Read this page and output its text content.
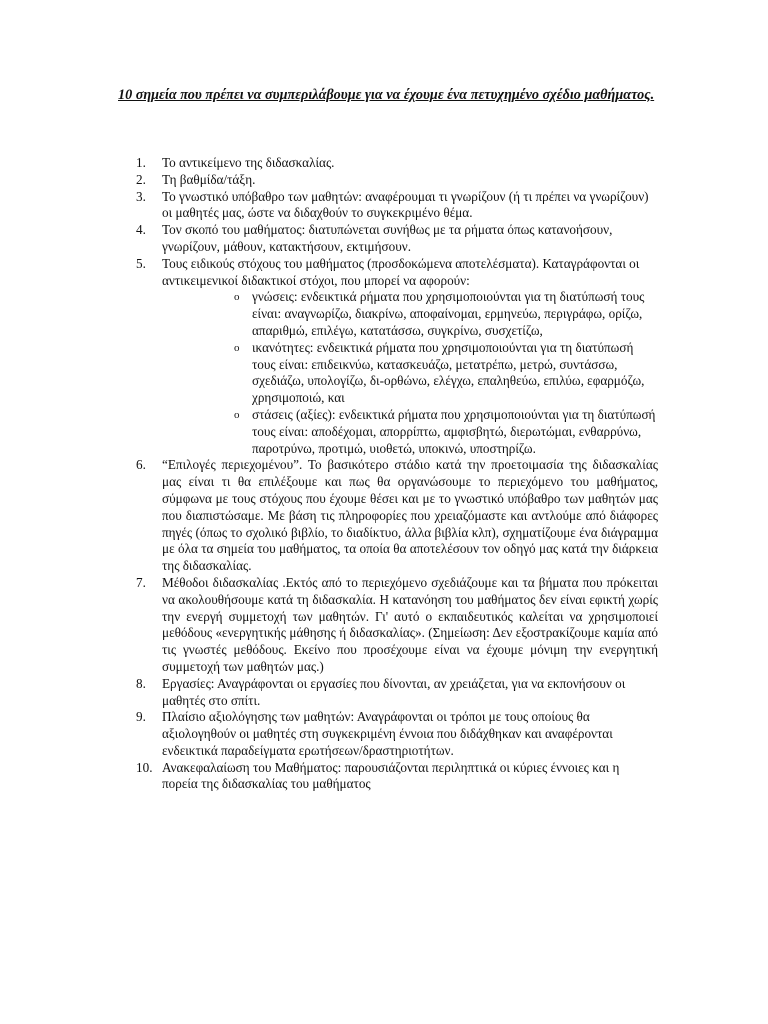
10 σημεία που πρέπει να συμπεριλάβουμε για να έχουμε ένα πετυχημένο σχέδιο μαθήματος.

1. Το αντικείμενο της διδασκαλίας.
2. Τη βαθμίδα/τάξη.
3. Το γνωστικό υπόβαθρο των μαθητών: αναφέρουμαι τι γνωρίζουν (ή τι πρέπει να γνωρίζουν) οι μαθητές μας, ώστε να διδαχθούν το συγκεκριμένο θέμα.
4. Τον σκοπό του μαθήματος: διατυπώνεται συνήθως με τα ρήματα όπως κατανοήσουν, γνωρίζουν, μάθουν, κατακτήσουν, εκτιμήσουν.
5. Τους ειδικούς στόχους του μαθήματος (προσδοκώμενα αποτελέσματα). Καταγράφονται οι αντικειμενικοί διδακτικοί στόχοι, που μπορεί να αφορούν:
o γνώσεις: ενδεικτικά ρήματα που χρησιμοποιούνται για τη διατύπωσή τους είναι: αναγνωρίζω, διακρίνω, αποφαίνομαι, ερμηνεύω, περιγράφω, ορίζω, απαριθμώ, επιλέγω, κατατάσσω, συγκρίνω, συσχετίζω,
o ικανότητες: ενδεικτικά ρήματα που χρησιμοποιούνται για τη διατύπωσή τους είναι: επιδεικνύω, κατασκευάζω, μετατρέπω, μετρώ, συντάσσω, σχεδιάζω, υπολογίζω, δι-ορθώνω, ελέγχω, επαληθεύω, επιλύω, εφαρμόζω, χρησιμοποιώ, και
o στάσεις (αξίες): ενδεικτικά ρήματα που χρησιμοποιούνται για τη διατύπωσή τους είναι: αποδέχομαι, απορρίπτω, αμφισβητώ, διερωτώμαι, ενθαρρύνω, παροτρύνω, προτιμώ, υιοθετώ, υποκινώ, υποστηρίζω.
6. “Επιλογές περιεχομένου”. Το βασικότερο στάδιο κατά την προετοιμασία της διδασκαλίας μας είναι τι θα επιλέξουμε και πως θα οργανώσουμε το περιεχόμενο του μαθήματος, σύμφωνα με τους στόχους που έχουμε θέσει και με το γνωστικό υπόβαθρο των μαθητών μας που διαπιστώσαμε. Με βάση τις πληροφορίες που χρειαζόμαστε και αντλούμε από διάφορες πηγές (όπως το σχολικό βιβλίο, το διαδίκτυο, άλλα βιβλία κλπ), σχηματίζουμε ένα διάγραμμα με όλα τα σημεία του μαθήματος, τα οποία θα αποτελέσουν τον οδηγό μας κατά την διάρκεια της διδασκαλίας.
7. Μέθοδοι διδασκαλίας .Εκτός από το περιεχόμενο σχεδιάζουμε και τα βήματα που πρόκειται να ακολουθήσουμε κατά τη διδασκαλία. Η κατανόηση του μαθήματος δεν είναι εφικτή χωρίς την ενεργή συμμετοχή των μαθητών. Γι' αυτό ο εκπαιδευτικός καλείται να χρησιμοποιεί μεθόδους «ενεργητικής μάθησης ή διδασκαλίας». (Σημείωση: Δεν εξοστρακίζουμε καμία από τις γνωστές μεθόδους. Εκείνο που προσέχουμε είναι να έχουμε μόνιμη την ενεργητική συμμετοχή των μαθητών μας.)
8. Εργασίες: Αναγράφονται οι εργασίες που δίνονται, αν χρειάζεται, για να εκπονήσουν οι μαθητές στο σπίτι.
9. Πλαίσιο αξιολόγησης των μαθητών: Αναγράφονται οι τρόποι με τους οποίους θα αξιολογηθούν οι μαθητές στη συγκεκριμένη έννοια που διδάχθηκαν και αναφέρονται ενδεικτικά παραδείγματα ερωτήσεων/δραστηριοτήτων.
10. Ανακεφαλαίωση του Μαθήματος: παρουσιάζονται περιληπτικά οι κύριες έννοιες και η πορεία της διδασκαλίας του μαθήματος
